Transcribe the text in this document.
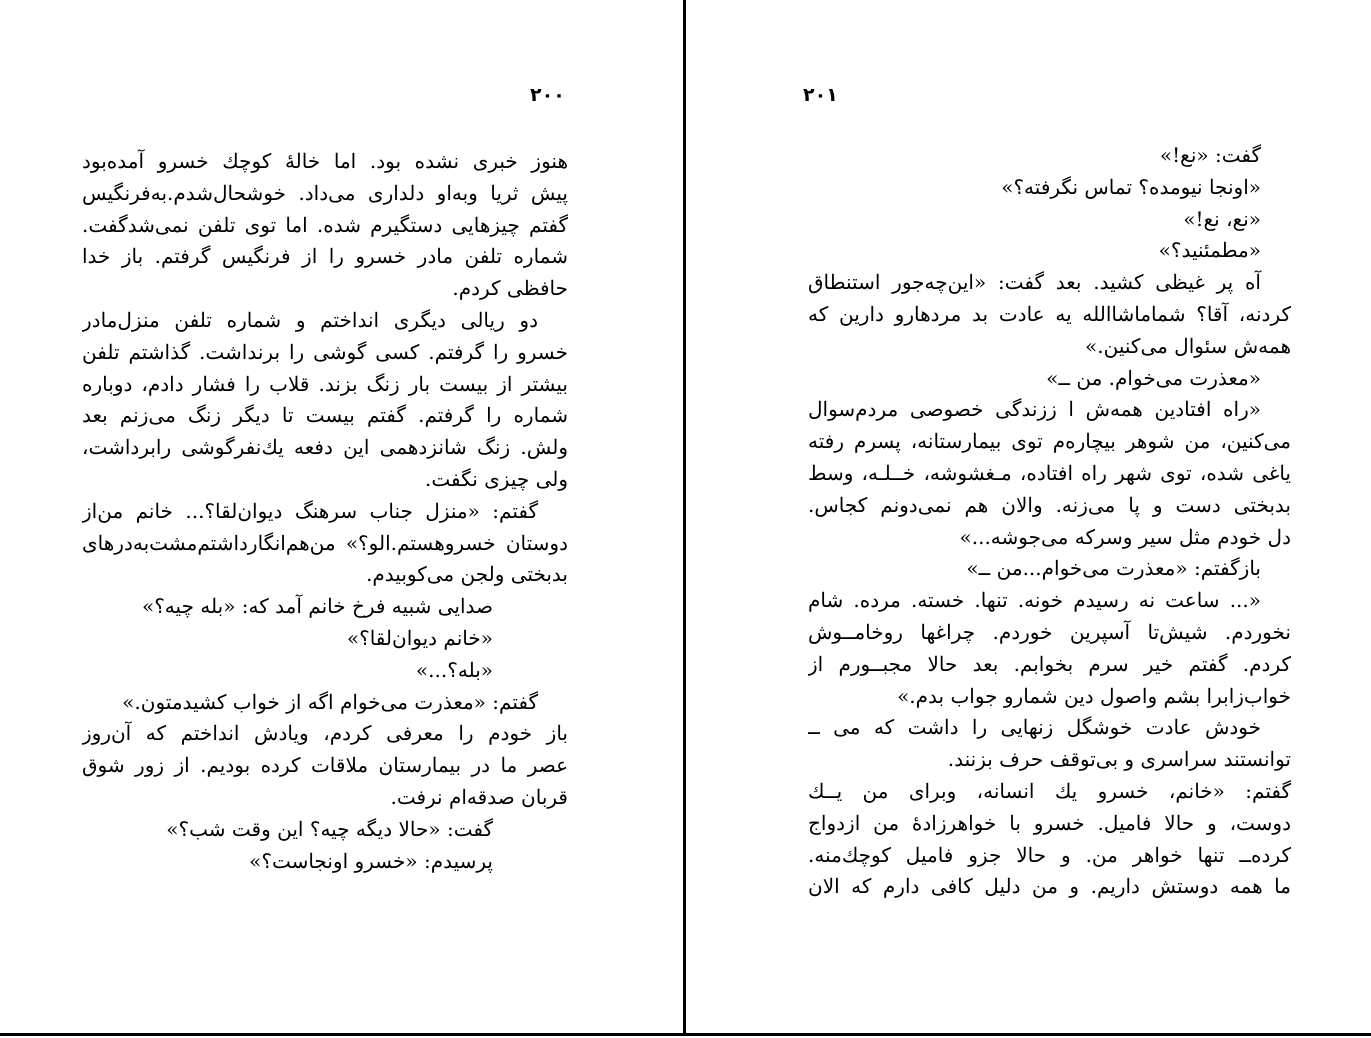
۲۰۰
هنوز خبری نشده بود. اما خالهٔ کوچك خسرو آمده‌بود
پیش ثریا وبه‌او دلداری می‌داد. خوشحال‌شدم.به‌فرنگیس
گفتم چیزهایی دستگیرم شده. اما توی تلفن نمی‌شدگفت.
شماره تلفن مادر خسرو را از فرنگیس گرفتم. باز خدا
حافظی کردم.
دو ریالی دیگری انداختم و شماره تلفن منزل‌مادر
خسرو را گرفتم. کسی گوشی را برنداشت. گذاشتم تلفن
بیشتر از بیست بار زنگ بزند. قلاب را فشار دادم، دوباره
شماره را گرفتم. گفتم بیست تا دیگر زنگ می‌زنم بعد
ولش. زنگ شانزدهمی این دفعه یك‌نفرگوشی رابرداشت،
ولی چیزی نگفت.
گفتم: «منزل جناب سرهنگ دیوان‌لقا؟... خانم من‌از
دوستان خسروهستم.الو؟» من‌هم‌انگارداشتم‌مشت‌به‌درهای
بدبختی ولجن می‌کوبیدم.
صدایی شبیه فرخ خانم آمد که: «بله چیه؟»
«خانم دیوان‌لقا؟»
«بله؟...»
گفتم: «معذرت می‌خوام اگه از خواب کشیدمتون.»
باز خودم را معرفی کردم، ویادش انداختم که آن‌روز
عصر ما در بیمارستان ملاقات کرده بودیم. از زور شوق
قربان صدقه‌ام نرفت.
گفت: «حالا دیگه چیه؟ این وقت شب؟»
پرسیدم: «خسرو اونجاست؟»
۲۰۱
گفت: «نع!»
«اونجا نیومده؟ تماس نگرفته؟»
«نع، نع!»
«مطمئنید؟»
آه پر غیظی کشید. بعد گفت: «این‌چه‌جور استنطاق
کردنه، آقا؟ شماماشاالله یه عادت بد مردهارو دارین که
همه‌ش سئوال می‌کنین.»
«معذرت می‌خوام. من ــ»
«راه افتادین همه‌ش ا ززندگی خصوصی مردم‌سوال
می‌کنین، من شوهر بیچاره‌م توی بیمارستانه، پسرم رفته
یاغی شده، توی شهر راه افتاده، مـغشوشه، خــلـه، وسط
بدبختی دست و پا می‌زنه. والان هم نمی‌دونم کجاس.
دل خودم مثل سیر وسرکه می‌جوشه...»
بازگفتم: «معذرت می‌خوام...من ــ»
«... ساعت نه رسیدم خونه. تنها. خسته. مرده. شام
نخوردم. شیش‌تا آسپرین خوردم. چراغها روخامــوش
کردم. گفتم خیر سرم بخوابم. بعد حالا مجبــورم از
خواب‌زابرا بشم واصول دین شمارو جواب بدم.»
خودش عادت خوشگل زنهایی را داشت که می ــ
توانستند سراسری و بی‌توقف حرف بزنند.
گفتم: «خانم، خسرو یك انسانه، وبرای من یــك
دوست، و حالا فامیل. خسرو با خواهرزادهٔ من ازدواج
کرده‌ــ تنها خواهر من. و حالا جزو فامیل کوچك‌منه.
ما همه دوستش داریم. و من دلیل کافی دارم که الان
